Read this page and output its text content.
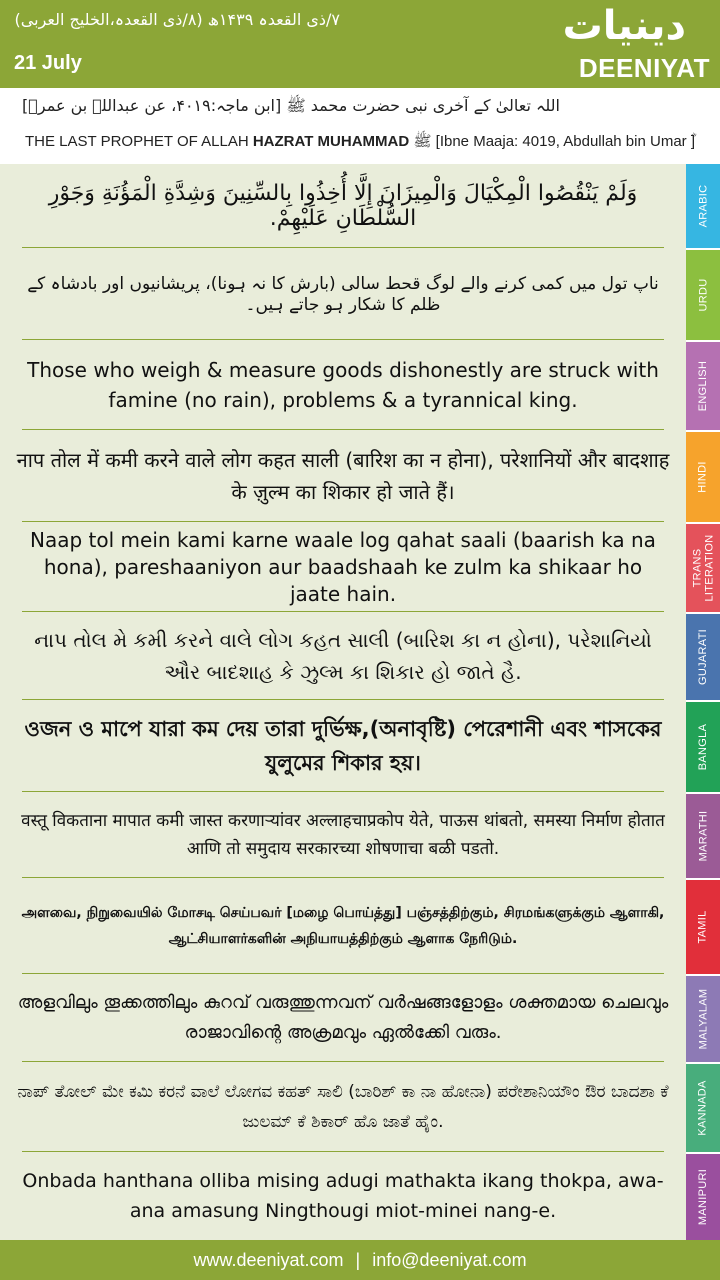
۷/ذی القعدہ ۱۴۳۹ھ (۸/ذی القعدہ،الخلیج العربی)
21 July
دينيات
DEENIYAT
اللہ تعالیٰ کے آخری نبی حضرت محمد ﷺ [ابن ماجہ:۴۰۱۹، عن عبداللہ بن عمرؓ]
THE LAST PROPHET OF ALLAH HAZRAT MUHAMMAD ﷺ [Ibne Maaja: 4019, Abdullah bin Umar ؓ]
وَلَمْ يَنْقُصُوا الْمِكْيَالَ وَالْمِيزَانَ إِلَّا أُخِذُوا بِالسِّنِينَ وَشِدَّةِ الْمَؤُنَةِ وَجَوْرِ السُّلْطَانِ عَلَيْهِمْ.
ناپ تول میں کمی کرنے والے لوگ قحط سالی (بارش کا نہ ہونا)، پریشانیوں اور بادشاہ کے ظلم کا شکار ہو جاتے ہیں۔
Those who weigh & measure goods dishonestly are struck with famine (no rain), problems & a tyrannical king.
नाप तोल में कमी करने वाले लोग कहत साली (बारिश का न होना), परेशानियों और बादशाह के ज़ुल्म का शिकार हो जाते हैं।
Naap tol mein kami karne waale log qahat saali (baarish ka na hona), pareshaaniyon aur baadshaah ke zulm ka shikaar ho jaate hain.
નાપ તોલ મે કમી કરને વાલે લોગ કહત સાલી (બારિશ કા ન હોના), પરેશાનિયો ઔર બાદશાહ કે ઝુલ્મ કા શિકાર હો જાતે હૈ.
ওজন ও মাপে যারা কম দেয় তারা দুর্ভিক্ষ,(অনাবৃষ্টি) পেরেশানী এবং শাসকের যুলুমের শিকার হয়।
वस्तू विकताना मापात कमी जास्त करणाऱ्यांवर अल्लाहचाप्रकोप येते, पाऊस थांबतो, समस्या निर्माण होतात आणि तो समुदाय सरकारच्या शोषणाचा बळी पडतो.
அளவை, நிறுவையில் மோசடி செய்பவர் [மழை பொய்த்து] பஞ்சத்திற்கும், சிரமங்களுக்கும் ஆளாகி, ஆட்சியாளர்களின் அநியாயத்திற்கும் ஆளாக நேரிடும்.
അളവിലും തൂക്കത്തിലും കുറവ് വരുത്തുന്നവന് വർഷങ്ങളോളം ശക്തമായ ചെലവും രാജാവിന്റെ അക്രമവും ഏൽക്കേി വരും.
ನಾಪ್ ತೋಲ್ ಮೇ ಕಮಿ ಕರನೆ ವಾಲೆ ಲೋಗವ ಕಹತ್ ಸಾಲಿ (ಬಾರಿಶ್ ಕಾ ನಾ ಹೋನಾ) ಪರೇಶಾನಿಯೌಂ ಔರ ಬಾದಶಾ ಕೆ ಜುಲಮ್ ಕೆ ಶಿಕಾರ್ ಹೊ ಜಾತೆ ಹೈಂ.
Onbada hanthana olliba mising adugi mathakta ikang thokpa, awa-ana amasung Ningthougi miot-minei nang-e.
ARABIC
URDU
ENGLISH
HINDI
TRANS
LITERATION
GUJARATI
BANGLA
MARATHI
TAMIL
MALYALAM
KANNADA
MANIPURI
www.deeniyat.com | info@deeniyat.com
